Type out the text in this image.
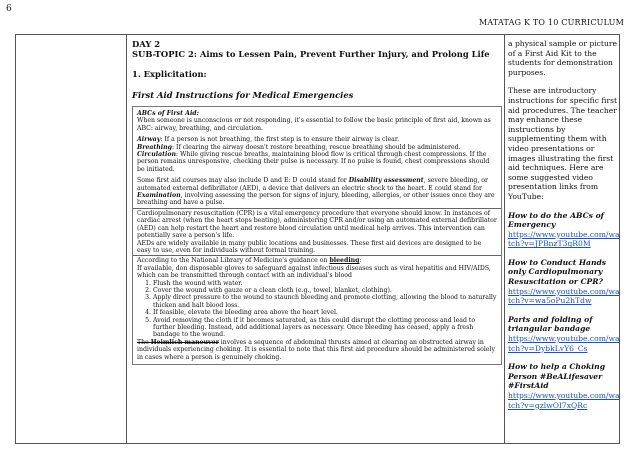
6
MATATAG K TO 10 CURRICULUM
DAY 2
SUB-TOPIC 2: Aims to Lessen Pain, Prevent Further Injury, and Prolong Life
1. Explicitation:
First Aid Instructions for Medical Emergencies

ABCs of First Aid:
When someone is unconscious or not responding, it's essential to follow the basic principle of first aid, known as ABC: airway, breathing, and circulation.

Airway: If a person is not breathing, the first step is to ensure their airway is clear.
Breathing: If clearing the airway doesn't restore breathing, rescue breathing should be administered.
Circulation: While giving rescue breaths, maintaining blood flow is critical through chest compressions. If the person remains unresponsive, checking their pulse is necessary. If no pulse is found, chest compressions should be initiated.

Some first aid courses may also include D and E: D could stand for Disability assessment, severe bleeding, or automated external defibrillator (AED), a device that delivers an electric shock to the heart. E could stand for Examination, involving assessing the person for signs of injury, bleeding, allergies, or other issues once they are breathing and have a pulse.

Cardiopulmonary resuscitation (CPR) is a vital emergency procedure that everyone should know. In instances of cardiac arrest (when the heart stops beating), administering CPR and/or using an automated external defibrillator (AED) can help restart the heart and restore blood circulation until medical help arrives. This intervention can potentially save a person's life.
AEDs are widely available in many public locations and businesses. These first aid devices are designed to be easy to use, even for individuals without formal training.
According to the National Library of Medicine's guidance on bleeding:
If available, don disposable gloves to safeguard against infectious diseases such as viral hepatitis and HIV/AIDS, which can be transmitted through contact with an individual's blood
1. Flush the wound with water.
2. Cover the wound with gauze or a clean cloth (e.g., towel, blanket, clothing).
3. Apply direct pressure to the wound to staunch bleeding and promote clotting, allowing the blood to naturally thicken and halt blood loss.
4. If feasible, elevate the bleeding area above the heart level.
5. Avoid removing the cloth if it becomes saturated, as this could disrupt the clotting process and lead to further bleeding. Instead, add additional layers as necessary. Once bleeding has ceased, apply a fresh bandage to the wound.
The Heimlich maneuver involves a sequence of abdominal thrusts aimed at clearing an obstructed airway in individuals experiencing choking. It is essential to note that this first aid procedure should be administered solely in cases where a person is genuinely choking.

a physical sample or picture of a First Aid Kit to the students for demonstration purposes.

These are introductory instructions for specific first aid procedures. The teacher may enhance these instructions by supplementing them with video presentations or images illustrating the first aid techniques. Here are some suggested video presentation links from YouTube:

How to do the ABCs of Emergency
https://www.youtube.com/watch?v=JPBnzT3qR0M

How to Conduct Hands only Cardiopulmonary Resuscitation or CPR?
https://www.youtube.com/watch?v=wa5oPu2hTdw

Parts and folding of triangular bandage
https://www.youtube.com/watch?v=DybkLvY6_Cs

How to help a Choking Person #BeALifesaver #FirstAid
https://www.youtube.com/watch?v=gzlwOI7xQRc
